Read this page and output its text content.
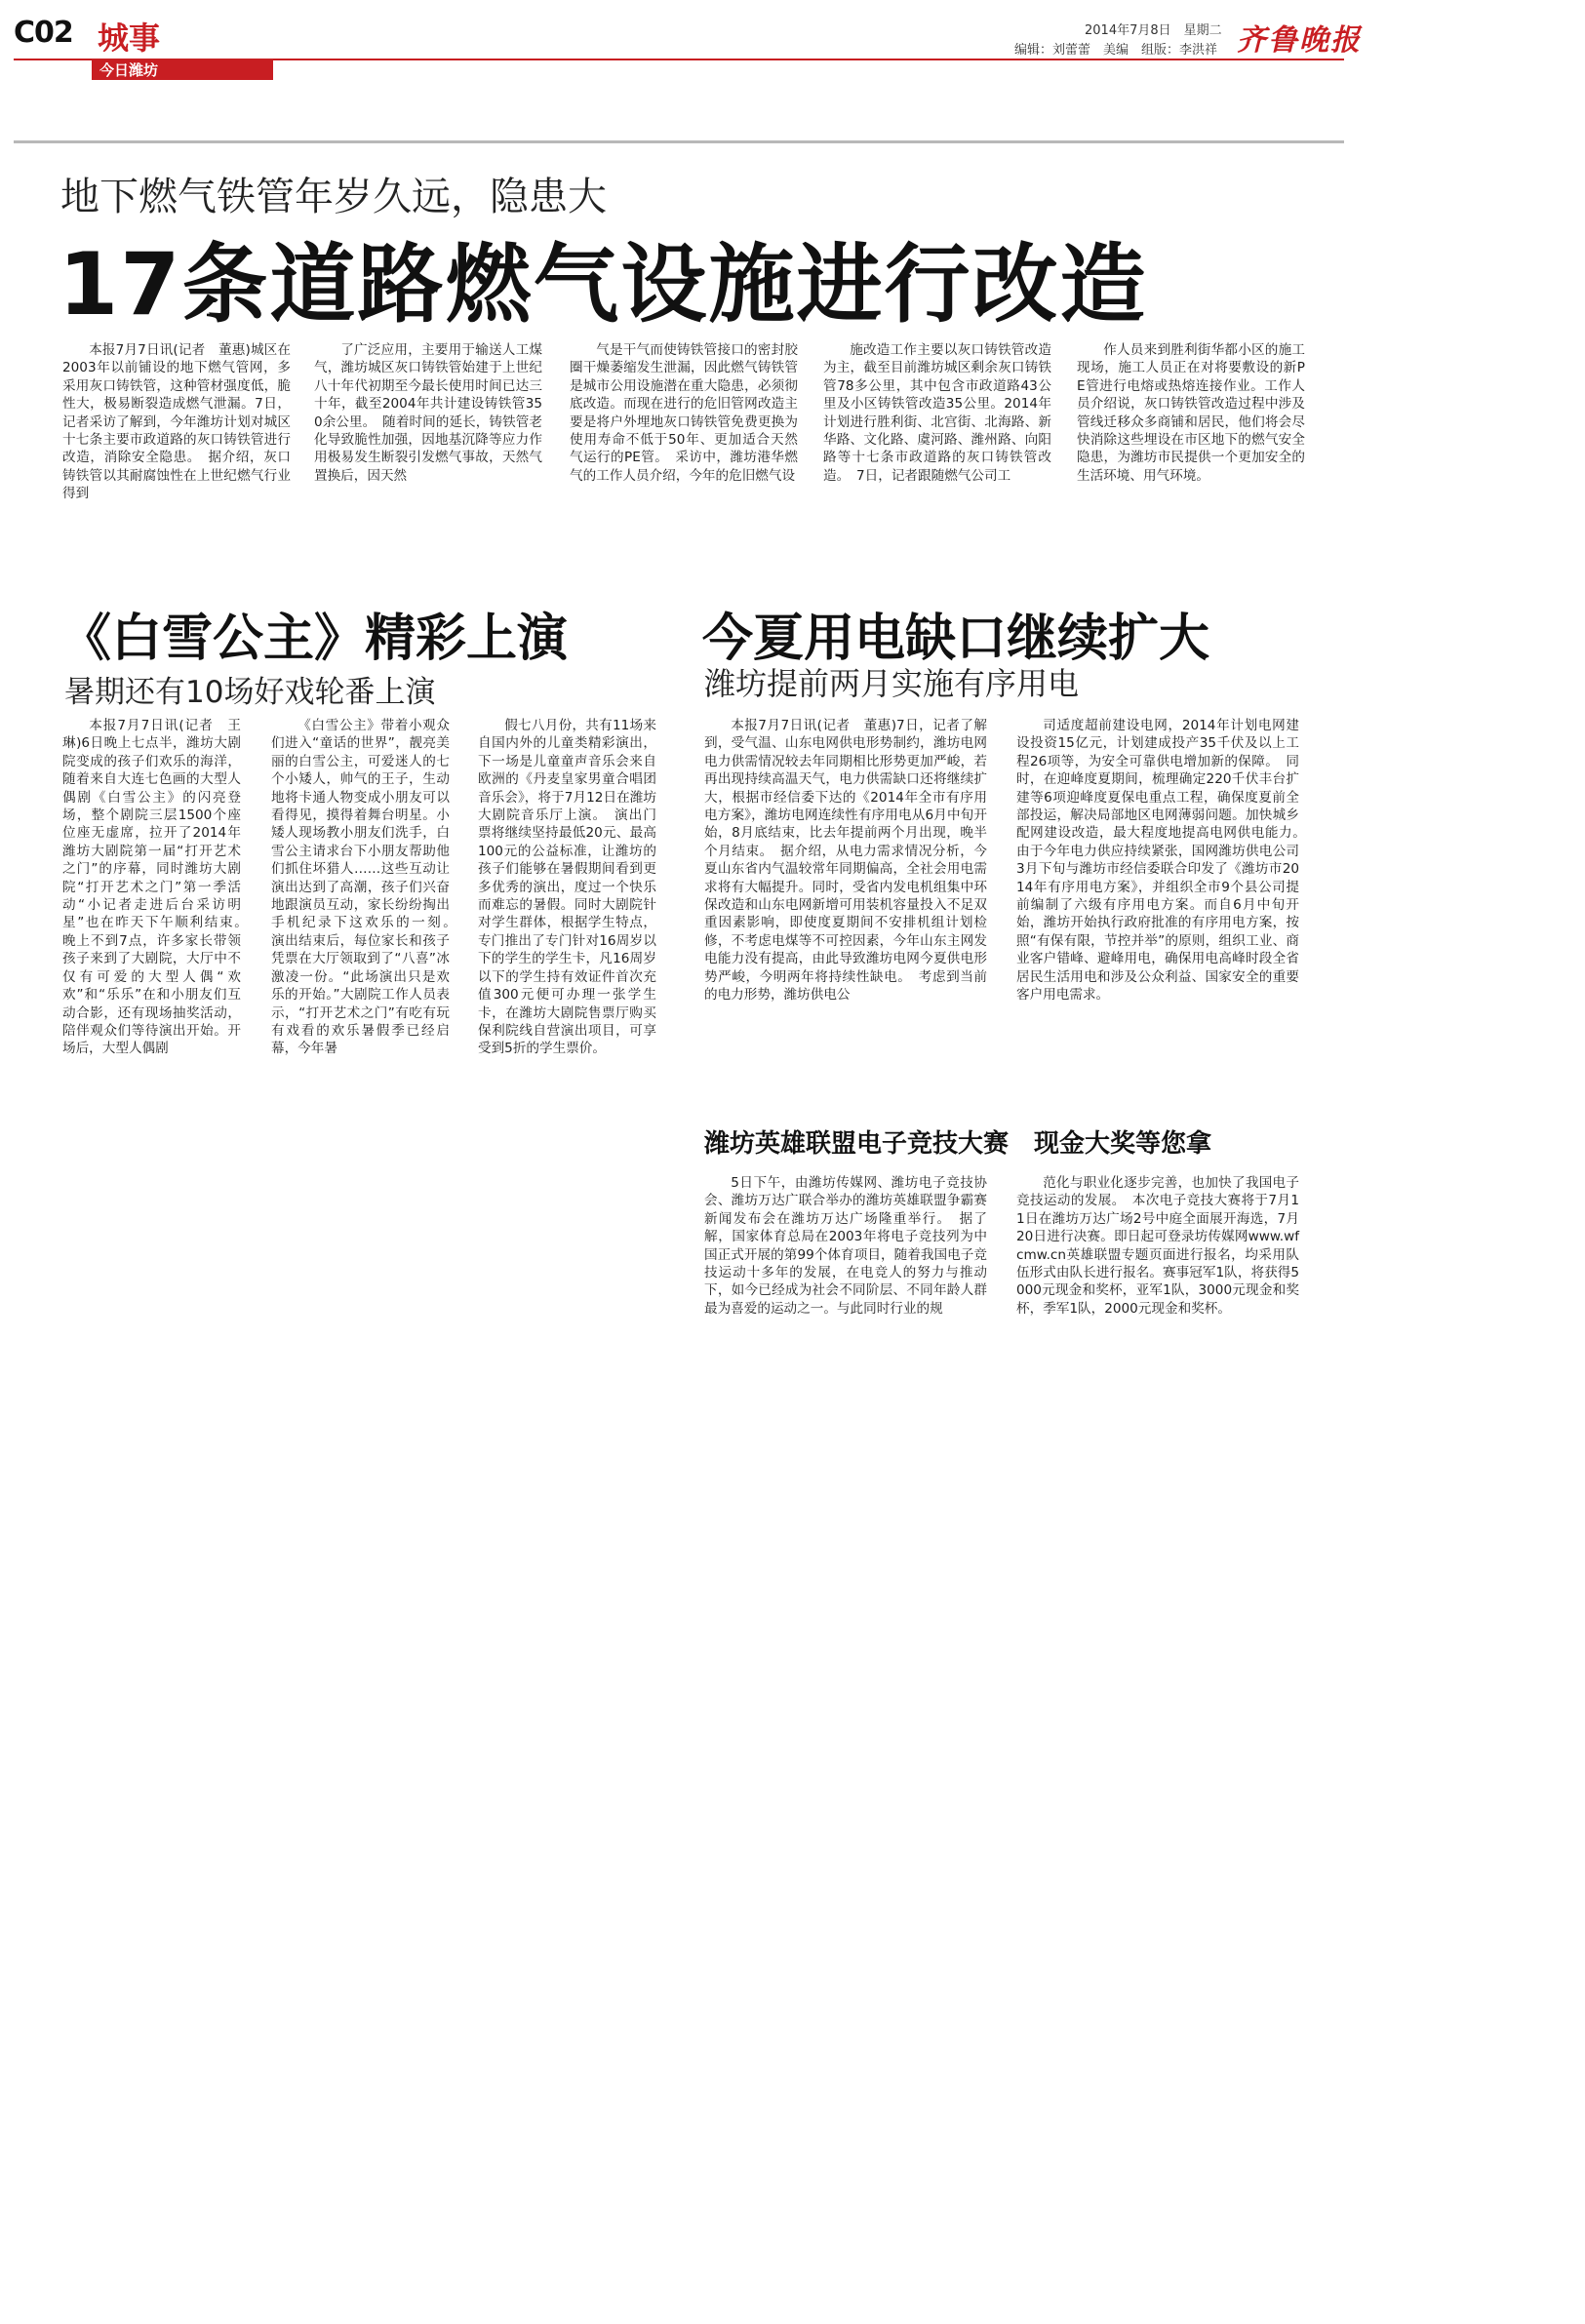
C02 城事
今日潍坊
2014年7月8日　星期二
编辑：刘蕾蕾　美编　组版：李洪祥 齐鲁晚报
地下燃气铁管年岁久远，隐患大
17条道路燃气设施进行改造

本报7月7日讯(记者　董惠)城区在2003年以前铺设的地下燃气管网，多采用灰口铸铁管，这种管材强度低，脆性大，极易断裂造成燃气泄漏。7日，记者采访了解到，今年潍坊计划对城区十七条主要市政道路的灰口铸铁管进行改造，消除安全隐患。　据介绍，灰口铸铁管以其耐腐蚀性在上世纪燃气行业得到

了广泛应用，主要用于输送人工煤气，潍坊城区灰口铸铁管始建于上世纪八十年代初期至今最长使用时间已达三十年，截至2004年共计建设铸铁管350余公里。　随着时间的延长，铸铁管老化导致脆性加强，因地基沉降等应力作用极易发生断裂引发燃气事故，天然气置换后，因天然

气是干气而使铸铁管接口的密封胶圈干燥萎缩发生泄漏，因此燃气铸铁管是城市公用设施潜在重大隐患，必须彻底改造。而现在进行的危旧管网改造主要是将户外埋地灰口铸铁管免费更换为使用寿命不低于50年、更加适合天然气运行的PE管。　采访中，潍坊港华燃气的工作人员介绍，今年的危旧燃气设

施改造工作主要以灰口铸铁管改造为主，截至目前潍坊城区剩余灰口铸铁管78多公里，其中包含市政道路43公里及小区铸铁管改造35公里。2014年计划进行胜利街、北宫街、北海路、新华路、文化路、虞河路、潍州路、向阳路等十七条市政道路的灰口铸铁管改造。　7日，记者跟随燃气公司工

作人员来到胜利街华都小区的施工现场，施工人员正在对将要敷设的新PE管进行电熔或热熔连接作业。工作人员介绍说，灰口铸铁管改造过程中涉及管线迁移众多商铺和居民，他们将会尽快消除这些埋设在市区地下的燃气安全隐患，为潍坊市民提供一个更加安全的生活环境、用气环境。

《白雪公主》精彩上演
暑期还有10场好戏轮番上演

本报7月7日讯(记者　王琳)6日晚上七点半，潍坊大剧院变成的孩子们欢乐的海洋，随着来自大连七色画的大型人偶剧《白雪公主》的闪亮登场，整个剧院三层1500个座位座无虚席，拉开了2014年潍坊大剧院第一届“打开艺术之门”的序幕，同时潍坊大剧院“打开艺术之门”第一季活动“小记者走进后台采访明星”也在昨天下午顺利结束。　晚上不到7点，许多家长带领孩子来到了大剧院，大厅中不仅有可爱的大型人偶“欢欢”和“乐乐”在和小朋友们互动合影，还有现场抽奖活动，陪伴观众们等待演出开始。开场后，大型人偶剧

《白雪公主》带着小观众们进入“童话的世界”，靓亮美丽的白雪公主，可爱迷人的七个小矮人，帅气的王子，生动地将卡通人物变成小朋友可以看得见，摸得着舞台明星。小矮人现场教小朋友们洗手，白雪公主请求台下小朋友帮助他们抓住坏猎人……这些互动让演出达到了高潮，孩子们兴奋地跟演员互动，家长纷纷掏出手机纪录下这欢乐的一刻。　演出结束后，每位家长和孩子凭票在大厅领取到了“八喜”冰激凌一份。“此场演出只是欢乐的开始。”大剧院工作人员表示，“打开艺术之门”有吃有玩有戏看的欢乐暑假季已经启幕，今年暑

假七八月份，共有11场来自国内外的儿童类精彩演出，下一场是儿童童声音乐会来自欧洲的《丹麦皇家男童合唱团音乐会》，将于7月12日在潍坊大剧院音乐厅上演。　演出门票将继续坚持最低20元、最高100元的公益标准，让潍坊的孩子们能够在暑假期间看到更多优秀的演出，度过一个快乐而难忘的暑假。同时大剧院针对学生群体，根据学生特点，专门推出了专门针对16周岁以下的学生的学生卡，凡16周岁以下的学生持有效证件首次充值300元便可办理一张学生卡，在潍坊大剧院售票厅购买保利院线自营演出项目，可享受到5折的学生票价。

今夏用电缺口继续扩大
潍坊提前两月实施有序用电

本报7月7日讯(记者　董惠)7日，记者了解到，受气温、山东电网供电形势制约，潍坊电网电力供需情况较去年同期相比形势更加严峻，若再出现持续高温天气，电力供需缺口还将继续扩大，根据市经信委下达的《2014年全市有序用电方案》，潍坊电网连续性有序用电从6月中旬开始，8月底结束，比去年提前两个月出现，晚半个月结束。　据介绍，从电力需求情况分析，今夏山东省内气温较常年同期偏高，全社会用电需求将有大幅提升。同时，受省内发电机组集中环保改造和山东电网新增可用装机容量投入不足双重因素影响，即使度夏期间不安排机组计划检修，不考虑电煤等不可控因素，今年山东主网发电能力没有提高，由此导致潍坊电网今夏供电形势严峻，今明两年将持续性缺电。　考虑到当前的电力形势，潍坊供电公

司适度超前建设电网，2014年计划电网建设投资15亿元，计划建成投产35千伏及以上工程26项等，为安全可靠供电增加新的保障。　同时，在迎峰度夏期间，梳理确定220千伏丰台扩建等6项迎峰度夏保电重点工程，确保度夏前全部投运，解决局部地区电网薄弱问题。加快城乡配网建设改造，最大程度地提高电网供电能力。　由于今年电力供应持续紧张，国网潍坊供电公司3月下旬与潍坊市经信委联合印发了《潍坊市2014年有序用电方案》，并组织全市9个县公司提前编制了六级有序用电方案。而自6月中旬开始，潍坊开始执行政府批准的有序用电方案，按照“有保有限，节控并举”的原则，组织工业、商业客户错峰、避峰用电，确保用电高峰时段全省居民生活用电和涉及公众利益、国家安全的重要客户用电需求。

潍坊英雄联盟电子竞技大赛　现金大奖等您拿

5日下午，由潍坊传媒网、潍坊电子竞技协会、潍坊万达广联合举办的潍坊英雄联盟争霸赛新闻发布会在潍坊万达广场隆重举行。　据了解，国家体育总局在2003年将电子竞技列为中国正式开展的第99个体育项目，随着我国电子竞技运动十多年的发展，在电竞人的努力与推动下，如今已经成为社会不同阶层、不同年龄人群最为喜爱的运动之一。与此同时行业的规

范化与职业化逐步完善，也加快了我国电子竞技运动的发展。　本次电子竞技大赛将于7月11日在潍坊万达广场2号中庭全面展开海选，7月20日进行决赛。即日起可登录坊传媒网www.wfcmw.cn英雄联盟专题页面进行报名，均采用队伍形式由队长进行报名。赛事冠军1队，将获得5000元现金和奖杯，亚军1队，3000元现金和奖杯，季军1队，2000元现金和奖杯。
